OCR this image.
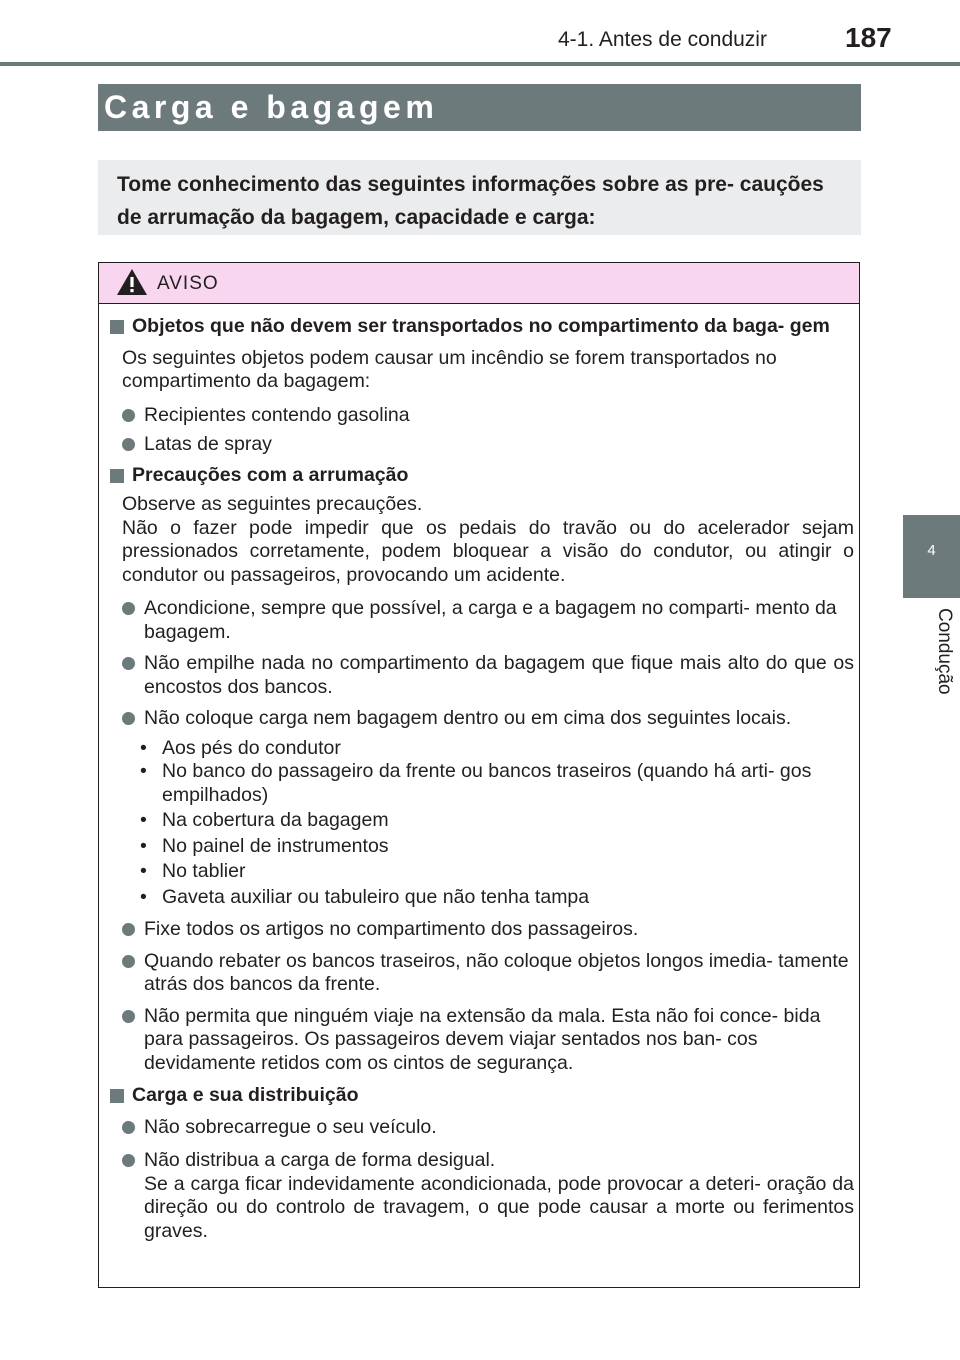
4-1. Antes de conduzir	187
4
Condução
Carga e bagagem

Tome conhecimento das seguintes informações sobre as pre- cauções de arrumação da bagagem, capacidade e carga:

AVISO
Objetos que não devem ser transportados no compartimento da baga- gem
Os seguintes objetos podem causar um incêndio se forem transportados no compartimento da bagagem:
Recipientes contendo gasolina
Latas de spray
Precauções com a arrumação
Observe as seguintes precauções.
Não o fazer pode impedir que os pedais do travão ou do acelerador sejam pressionados corretamente, podem bloquear a visão do condutor, ou atingir o condutor ou passageiros, provocando um acidente.
Acondicione, sempre que possível, a carga e a bagagem no comparti- mento da bagagem.
Não empilhe nada no compartimento da bagagem que fique mais alto do que os encostos dos bancos.
Não coloque carga nem bagagem dentro ou em cima dos seguintes locais.
• Aos pés do condutor
• No banco do passageiro da frente ou bancos traseiros (quando há arti- gos empilhados)
• Na cobertura da bagagem
• No painel de instrumentos
• No tablier
• Gaveta auxiliar ou tabuleiro que não tenha tampa
Fixe todos os artigos no compartimento dos passageiros.
Quando rebater os bancos traseiros, não coloque objetos longos imedia- tamente atrás dos bancos da frente.
Não permita que ninguém viaje na extensão da mala. Esta não foi conce- bida para passageiros. Os passageiros devem viajar sentados nos ban- cos devidamente retidos com os cintos de segurança.
Carga e sua distribuição
Não sobrecarregue o seu veículo.
Não distribua a carga de forma desigual.
Se a carga ficar indevidamente acondicionada, pode provocar a deteri- oração da direção ou do controlo de travagem, o que pode causar a morte ou ferimentos graves.
